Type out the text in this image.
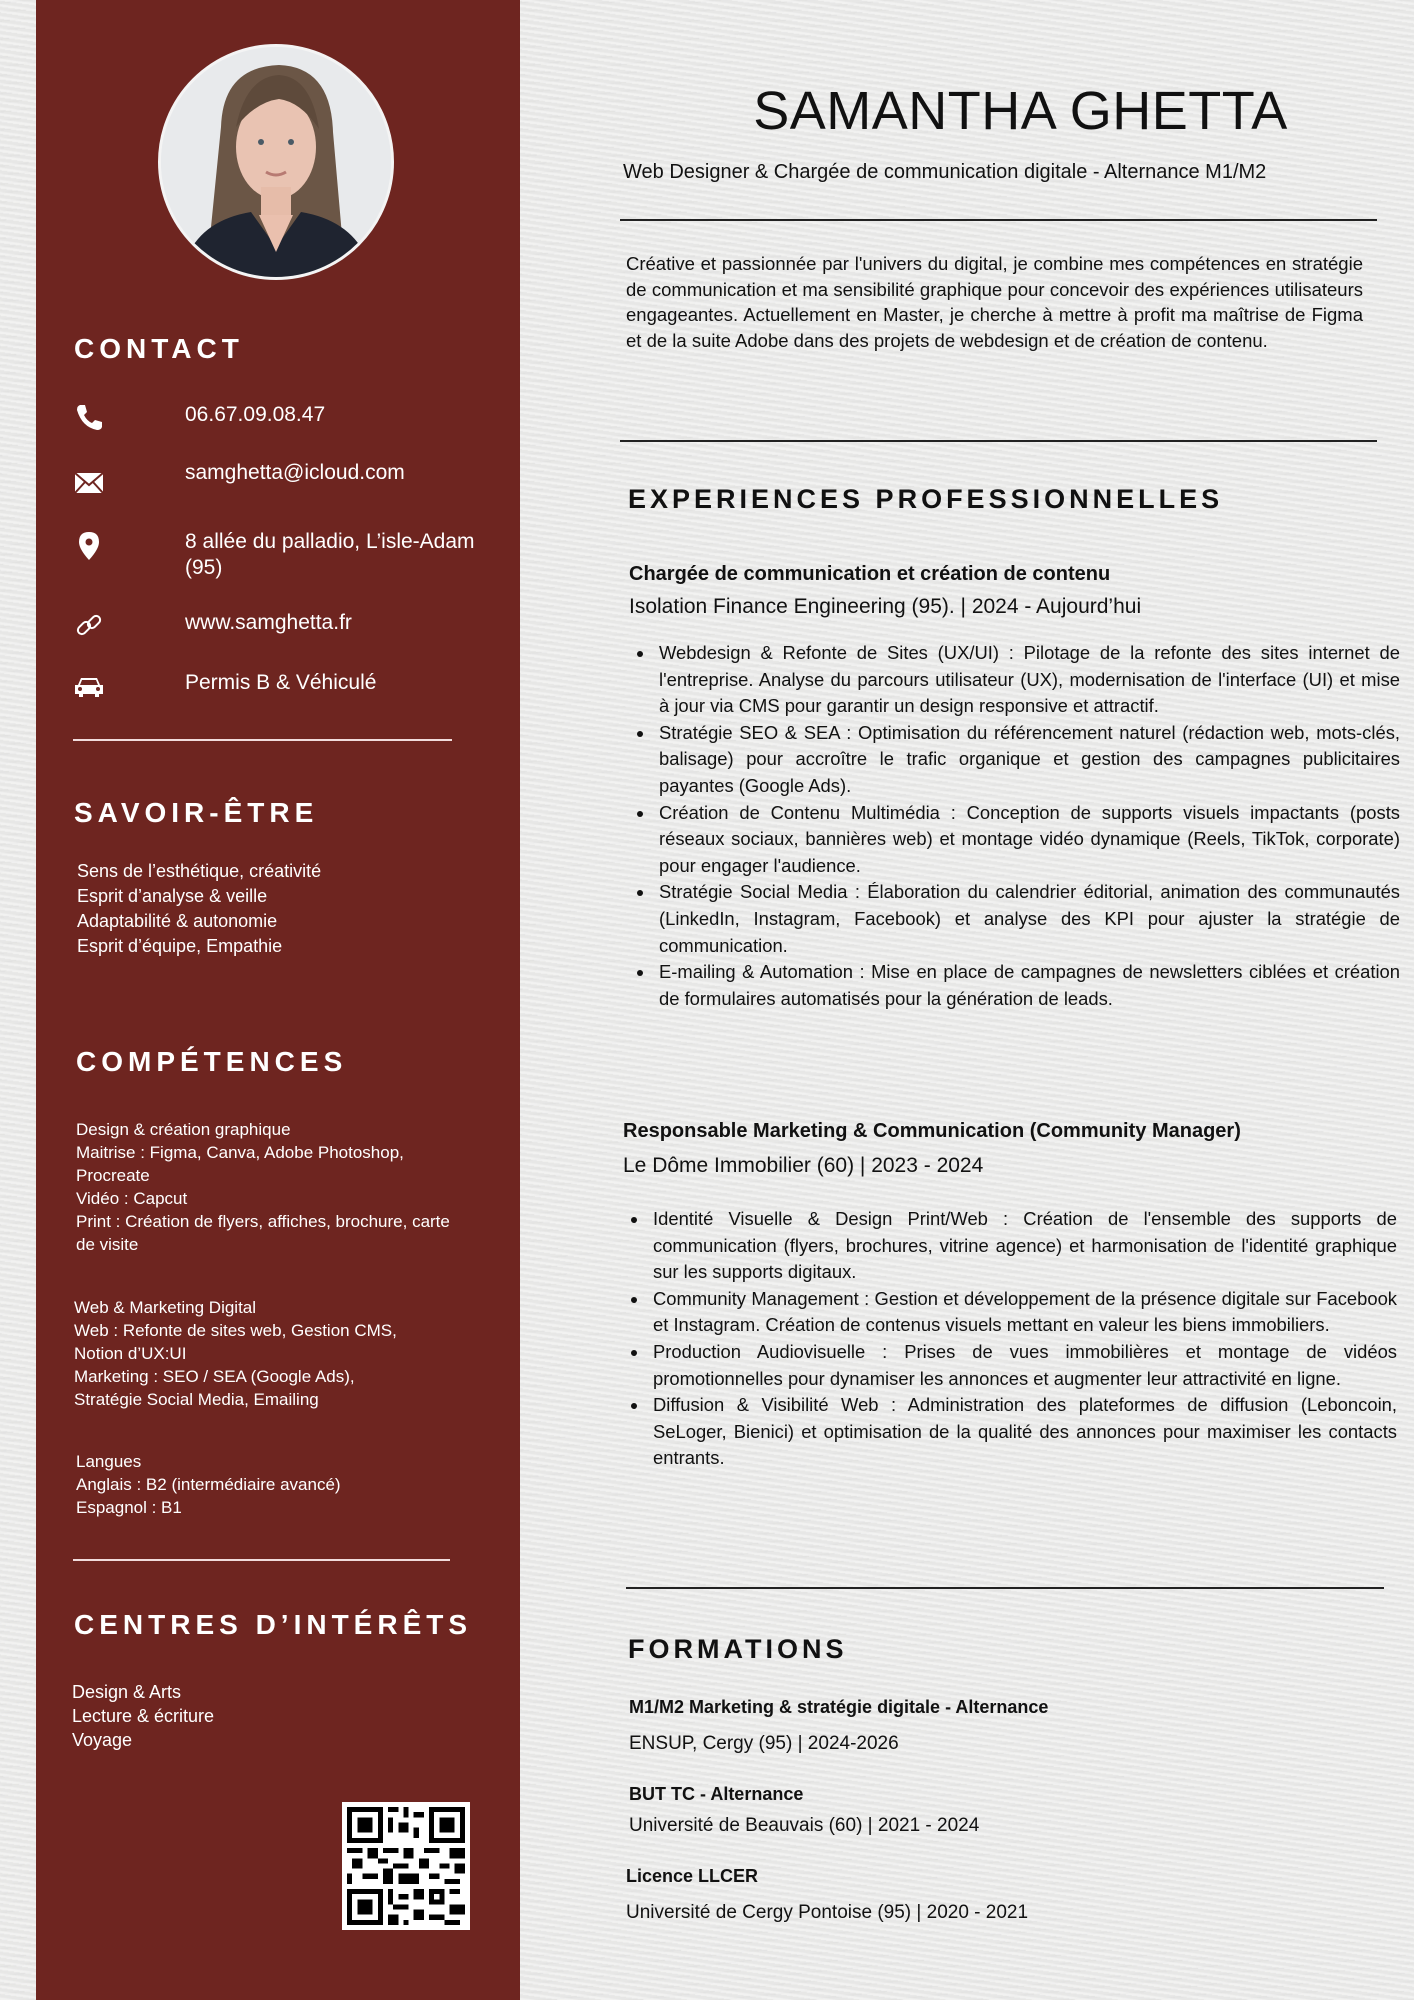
CONTACT
06.67.09.08.47
samghetta@icloud.com
8 allée du palladio, L’isle-Adam (95)
www.samghetta.fr
Permis B & Véhiculé
SAVOIR-ÊTRE
Sens de l’esthétique, créativité
Esprit d’analyse & veille
Adaptabilité & autonomie
Esprit d’équipe, Empathie
COMPÉTENCES
Design & création graphique
Maitrise : Figma, Canva, Adobe Photoshop, Procreate
Vidéo : Capcut
Print : Création de flyers, affiches, brochure, carte de visite
Web & Marketing Digital
Web : Refonte de sites web, Gestion CMS, Notion d’UX:UI
Marketing : SEO / SEA (Google Ads), Stratégie Social Media, Emailing
Langues
Anglais : B2 (intermédiaire avancé)
Espagnol : B1
CENTRES D’INTÉRÊTS
Design & Arts
Lecture & écriture
Voyage
SAMANTHA GHETTA
Web Designer & Chargée de communication digitale - Alternance M1/M2

Créative et passionnée par l'univers du digital, je combine mes compétences en stratégie de communication et ma sensibilité graphique pour concevoir des expériences utilisateurs engageantes. Actuellement en Master, je cherche à mettre à profit ma maîtrise de Figma et de la suite Adobe dans des projets de webdesign et de création de contenu.

EXPERIENCES PROFESSIONNELLES
Chargée de communication et création de contenu
Isolation Finance Engineering (95). | 2024 - Aujourd’hui
• Webdesign & Refonte de Sites (UX/UI) : Pilotage de la refonte des sites internet de l'entreprise. Analyse du parcours utilisateur (UX), modernisation de l'interface (UI) et mise à jour via CMS pour garantir un design responsive et attractif.
• Stratégie SEO & SEA : Optimisation du référencement naturel (rédaction web, mots-clés, balisage) pour accroître le trafic organique et gestion des campagnes publicitaires payantes (Google Ads).
• Création de Contenu Multimédia : Conception de supports visuels impactants (posts réseaux sociaux, bannières web) et montage vidéo dynamique (Reels, TikTok, corporate) pour engager l'audience.
• Stratégie Social Media : Élaboration du calendrier éditorial, animation des communautés (LinkedIn, Instagram, Facebook) et analyse des KPI pour ajuster la stratégie de communication.
• E-mailing & Automation : Mise en place de campagnes de newsletters ciblées et création de formulaires automatisés pour la génération de leads.
Responsable Marketing & Communication (Community Manager)
Le Dôme Immobilier (60) | 2023 - 2024
• Identité Visuelle & Design Print/Web : Création de l'ensemble des supports de communication (flyers, brochures, vitrine agence) et harmonisation de l'identité graphique sur les supports digitaux.
• Community Management : Gestion et développement de la présence digitale sur Facebook et Instagram. Création de contenus visuels mettant en valeur les biens immobiliers.
• Production Audiovisuelle : Prises de vues immobilières et montage de vidéos promotionnelles pour dynamiser les annonces et augmenter leur attractivité en ligne.
• Diffusion & Visibilité Web : Administration des plateformes de diffusion (Leboncoin, SeLoger, Bienici) et optimisation de la qualité des annonces pour maximiser les contacts entrants.
FORMATIONS
M1/M2 Marketing & stratégie digitale - Alternance
ENSUP, Cergy (95) | 2024-2026
BUT TC - Alternance
Université de Beauvais (60) | 2021 - 2024
Licence LLCER
Université de Cergy Pontoise (95) | 2020 - 2021
